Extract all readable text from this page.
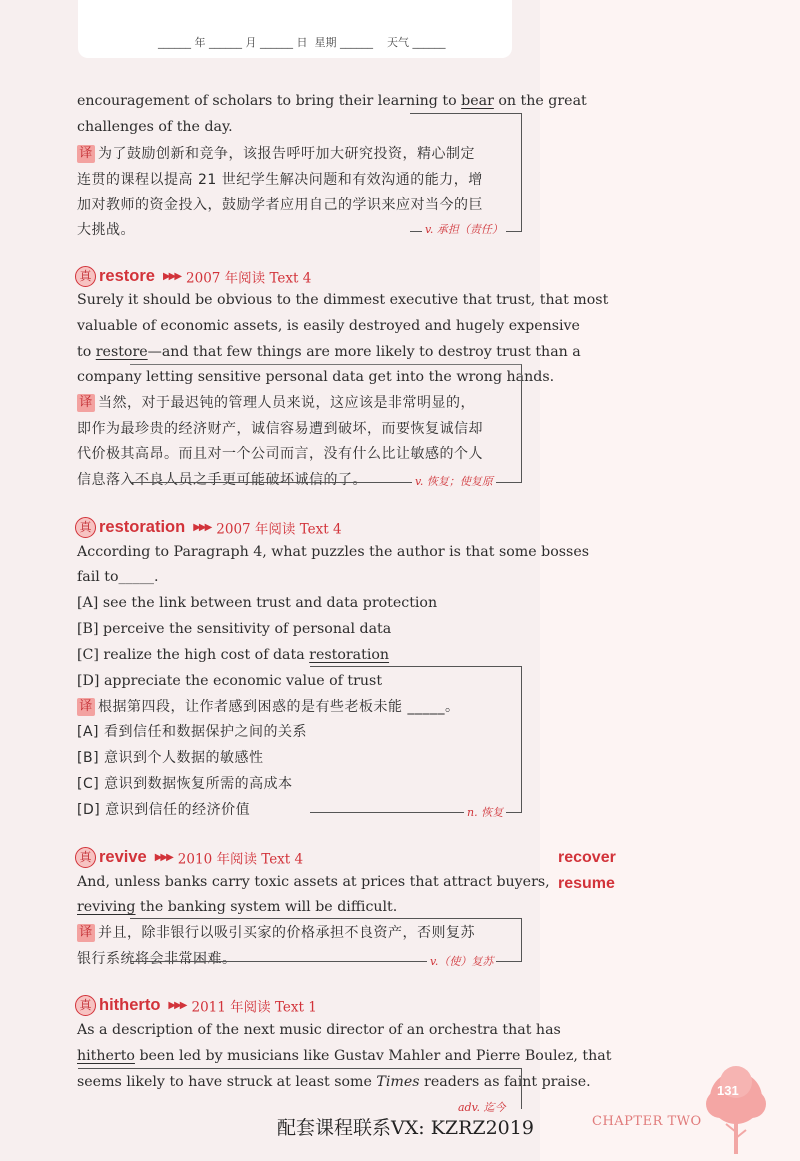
______ 年 ______ 月 ______ 日  星期 ______    天气 ______
encouragement of scholars to bring their learning to bear on the great
challenges of the day.
译 为了鼓励创新和竞争，该报告呼吁加大研究投资，精心制定
连贯的课程以提高 21 世纪学生解决问题和有效沟通的能力，增
加对教师的资金投入，鼓励学者应用自己的学识来应对当今的巨
大挑战。	v. 承担（责任）
真 restore ▶▶▶ 2007 年阅读 Text 4
Surely it should be obvious to the dimmest executive that trust, that most
valuable of economic assets, is easily destroyed and hugely expensive
to restore—and that few things are more likely to destroy trust than a
company letting sensitive personal data get into the wrong hands.
译 当然，对于最迟钝的管理人员来说，这应该是非常明显的，
即作为最珍贵的经济财产，诚信容易遭到破坏，而要恢复诚信却
代价极其高昂。而且对一个公司而言，没有什么比让敏感的个人
信息落入不良人员之手更可能破坏诚信的了。	v. 恢复；使复原
真 restoration ▶▶▶ 2007 年阅读 Text 4
According to Paragraph 4, what puzzles the author is that some bosses
fail to_____.
[A] see the link between trust and data protection
[B] perceive the sensitivity of personal data
[C] realize the high cost of data restoration
[D] appreciate the economic value of trust
译 根据第四段，让作者感到困惑的是有些老板未能 _____。
[A] 看到信任和数据保护之间的关系
[B] 意识到个人数据的敏感性
[C] 意识到数据恢复所需的高成本
[D] 意识到信任的经济价值	n. 恢复
真 revive ▶▶▶ 2010 年阅读 Text 4
And, unless banks carry toxic assets at prices that attract buyers,
reviving the banking system will be difficult.
译 并且，除非银行以吸引买家的价格承担不良资产，否则复苏
银行系统将会非常困难。	v.（使）复苏
recover
resume
真 hitherto ▶▶▶ 2011 年阅读 Text 1
As a description of the next music director of an orchestra that has
hitherto been led by musicians like Gustav Mahler and Pierre Boulez, that
seems likely to have struck at least some Times readers as faint praise.
adv. 迄今
配套课程联系VX: KZRZ2019	CHAPTER TWO
131
